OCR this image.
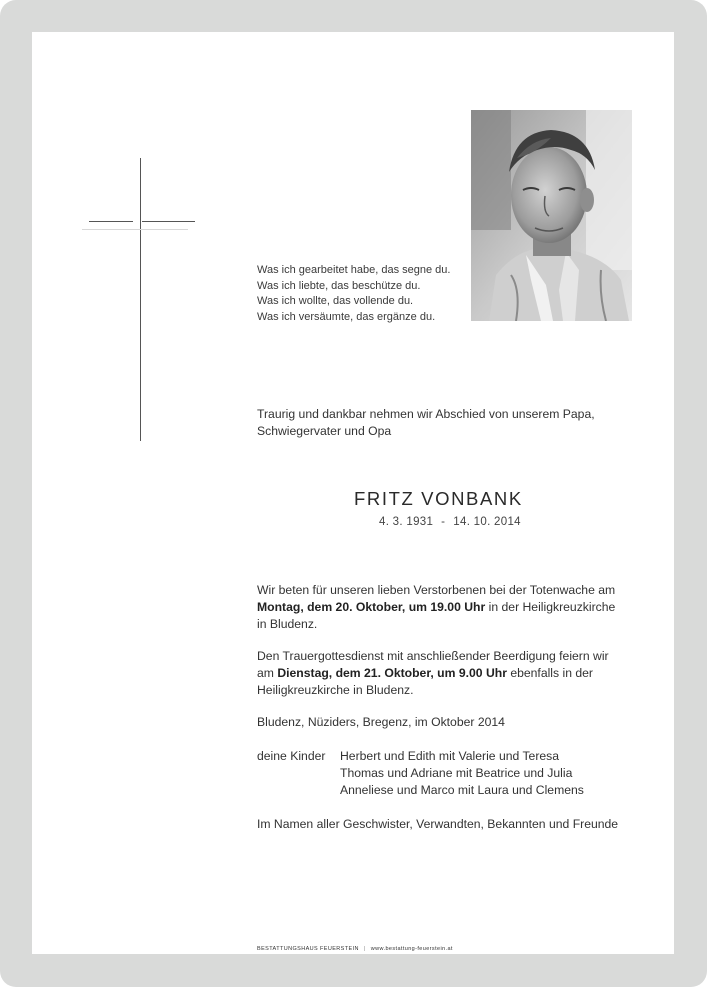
Was ich gearbeitet habe, das segne du.
Was ich liebte, das beschütze du.
Was ich wollte, das vollende du.
Was ich versäumte, das ergänze du.
Traurig und dankbar nehmen wir Abschied von unserem Papa,
Schwiegervater und Opa
FRITZ VONBANK
4. 3. 1931 - 14. 10. 2014
Wir beten für unseren lieben Verstorbenen bei der Totenwache am
Montag, dem 20. Oktober, um 19.00 Uhr in der Heiligkreuzkirche
in Bludenz.
Den Trauergottesdienst mit anschließender Beerdigung feiern wir
am Dienstag, dem 21. Oktober, um 9.00 Uhr ebenfalls in der
Heiligkreuzkirche in Bludenz.
Bludenz, Nüziders, Bregenz, im Oktober 2014
deine Kinder Herbert und Edith mit Valerie und Teresa
Thomas und Adriane mit Beatrice und Julia
Anneliese und Marco mit Laura und Clemens
Im Namen aller Geschwister, Verwandten, Bekannten und Freunde
BESTATTUNGSHAUS FEUERSTEIN | www.bestattung-feuerstein.at
